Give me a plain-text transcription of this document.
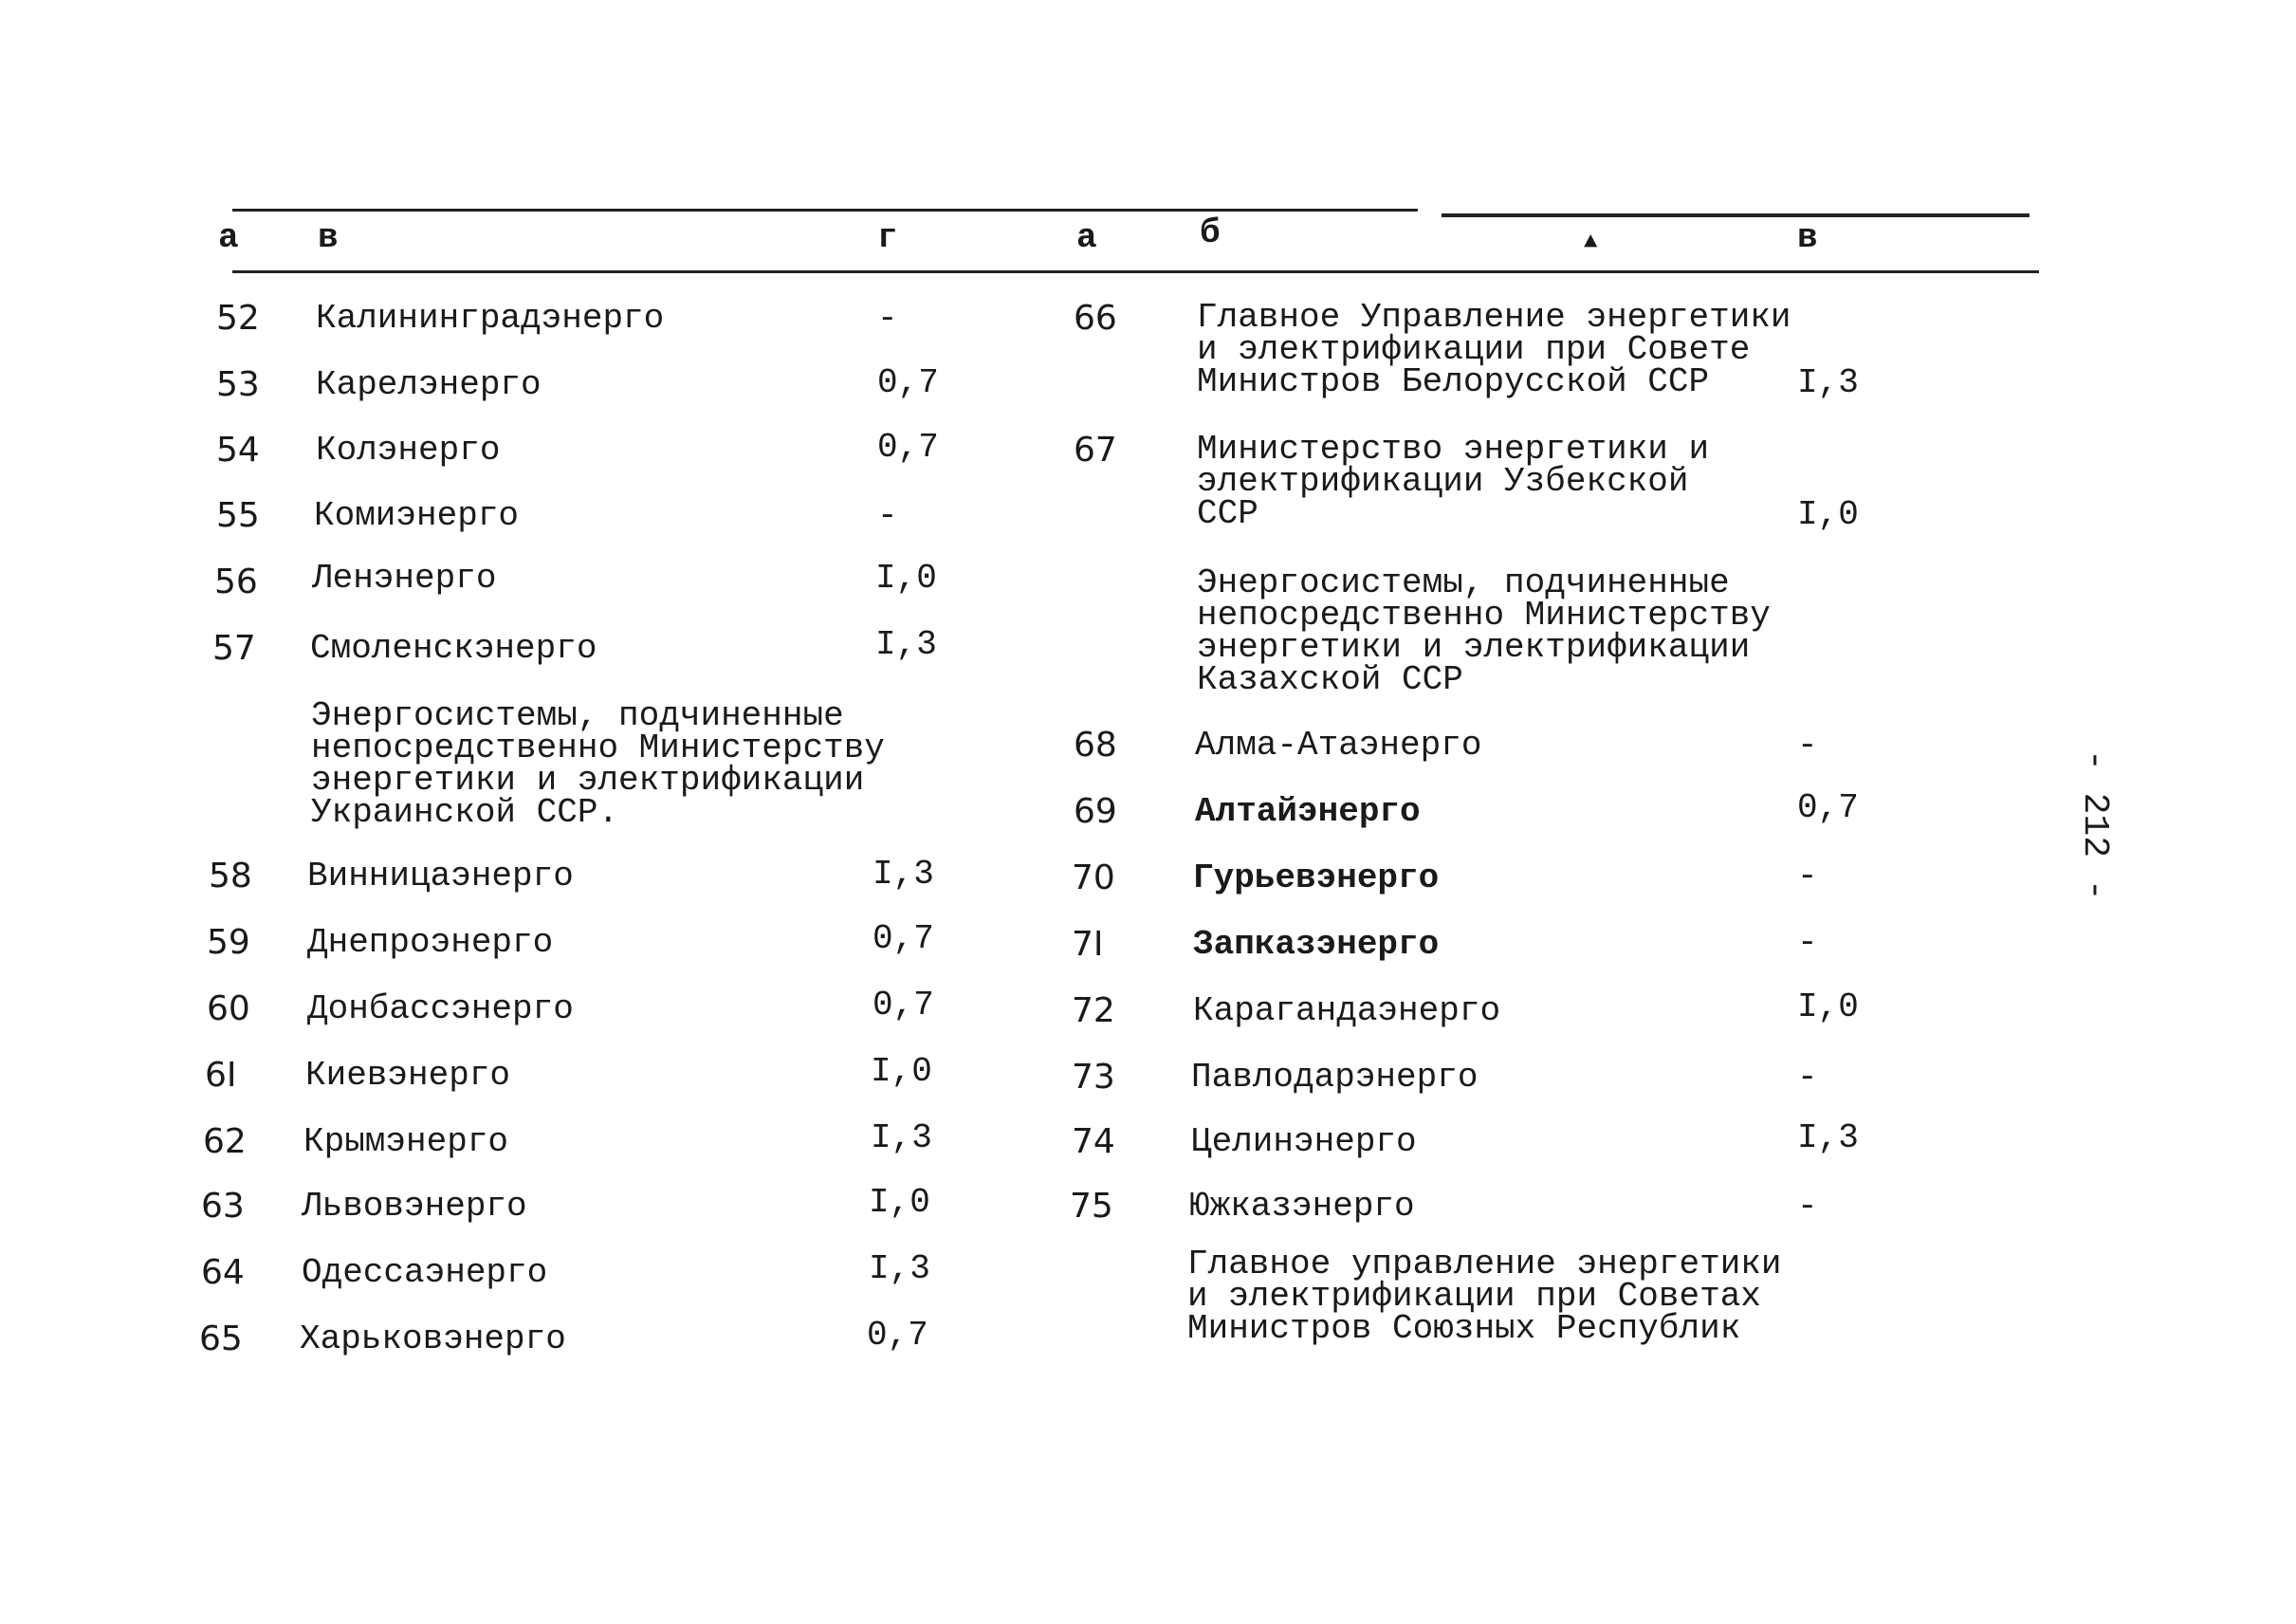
а в	г	а	б	▲	в
52 Калининградэнерго	-
53 Карелэнерго	0,7
54 Колэнерго	0,7
55 Комиэнерго	-
56 Ленэнерго	I,0
57 Смоленскэнерго	I,3
Энергосистемы, подчиненные
непосредственно Министерству
энергетики и электрификации
Украинской ССР.
58 Винницаэнерго	I,3
59 Днепроэнерго	0,7
60 Донбассэнерго	0,7
6I Киевэнерго	I,0
62 Крымэнерго	I,3
63 Львовэнерго	I,0
64 Одессаэнерго	I,3
65 Харьковэнерго	0,7
66 Главное Управление энергетики
и электрификации при Совете
Министров Белорусской ССР	I,3
67 Министерство энергетики и
электрификации Узбекской
ССР	I,0
Энергосистемы, подчиненные
непосредственно Министерству
энергетики и электрификации
Казахской ССР
68 Алма-Атаэнерго	-
69 Алтайэнерго	0,7
70 Гурьевэнерго	-
7I	Запказэнерго	-
72 Карагандаэнерго	I,0
73 Павлодарэнерго	-
74 Целинэнерго	I,3
75 Южказэнерго	-
Главное управление энергетики
и электрификации при Советах
Министров Союзных Республик
- 212 -
